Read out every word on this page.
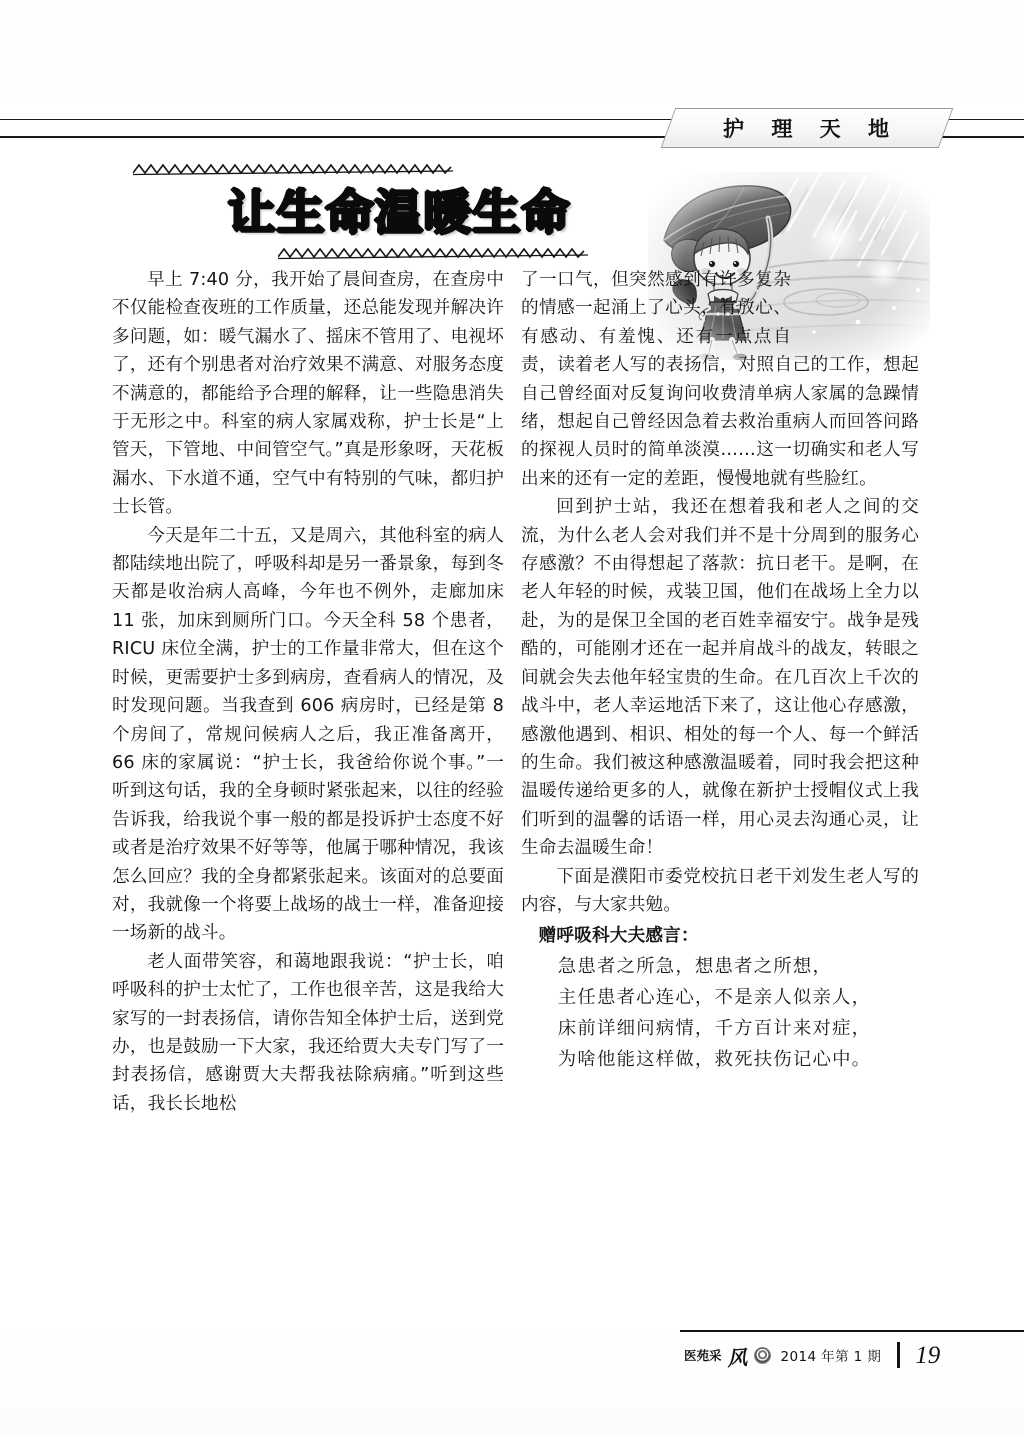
护 理 天 地
让生命温暖生命

早上 7:40 分，我开始了晨间查房，在查房中不仅能检查夜班的工作质量，还总能发现并解决许多问题，如：暖气漏水了、摇床不管用了、电视坏了，还有个别患者对治疗效果不满意、对服务态度不满意的，都能给予合理的解释，让一些隐患消失于无形之中。科室的病人家属戏称，护士长是“上管天，下管地、中间管空气。”真是形象呀，天花板漏水、下水道不通，空气中有特别的气味，都归护士长管。

今天是年二十五，又是周六，其他科室的病人都陆续地出院了，呼吸科却是另一番景象，每到冬天都是收治病人高峰，今年也不例外，走廊加床 11 张，加床到厕所门口。今天全科 58 个患者，RICU 床位全满，护士的工作量非常大，但在这个时候，更需要护士多到病房，查看病人的情况，及时发现问题。当我查到 606 病房时，已经是第 8 个房间了，常规问候病人之后，我正准备离开，66 床的家属说：“护士长，我爸给你说个事。”一听到这句话，我的全身顿时紧张起来，以往的经验告诉我，给我说个事一般的都是投诉护士态度不好或者是治疗效果不好等等，他属于哪种情况，我该怎么回应？我的全身都紧张起来。该面对的总要面对，我就像一个将要上战场的战士一样，准备迎接一场新的战斗。

老人面带笑容，和蔼地跟我说：“护士长，咱呼吸科的护士太忙了，工作也很辛苦，这是我给大家写的一封表扬信，请你告知全体护士后，送到党办，也是鼓励一下大家，我还给贾大夫专门写了一封表扬信，感谢贾大夫帮我祛除病痛。”听到这些话，我长长地松

了一口气，但突然感到有许多复杂的情感一起涌上了心头，有放心、有感动、有羞愧、还有一点点自责，读着老人写的表扬信，对照自己的工作，想起自己曾经面对反复询问收费清单病人家属的急躁情绪，想起自己曾经因急着去救治重病人而回答问路的探视人员时的简单淡漠……这一切确实和老人写出来的还有一定的差距，慢慢地就有些脸红。

回到护士站，我还在想着我和老人之间的交流，为什么老人会对我们并不是十分周到的服务心存感激？不由得想起了落款：抗日老干。是啊，在老人年轻的时候，戎装卫国，他们在战场上全力以赴，为的是保卫全国的老百姓幸福安宁。战争是残酷的，可能刚才还在一起并肩战斗的战友，转眼之间就会失去他年轻宝贵的生命。在几百次上千次的战斗中，老人幸运地活下来了，这让他心存感激，感激他遇到、相识、相处的每一个人、每一个鲜活的生命。我们被这种感激温暖着，同时我会把这种温暖传递给更多的人，就像在新护士授帽仪式上我们听到的温馨的话语一样，用心灵去沟通心灵，让生命去温暖生命！

下面是濮阳市委党校抗日老干刘发生老人写的内容，与大家共勉。

赠呼吸科大夫感言：
急患者之所急，想患者之所想，
主任患者心连心，不是亲人似亲人，
床前详细问病情，千方百计来对症，
为啥他能这样做，救死扶伤记心中。
医苑采 风 2014 年第 1 期 19
